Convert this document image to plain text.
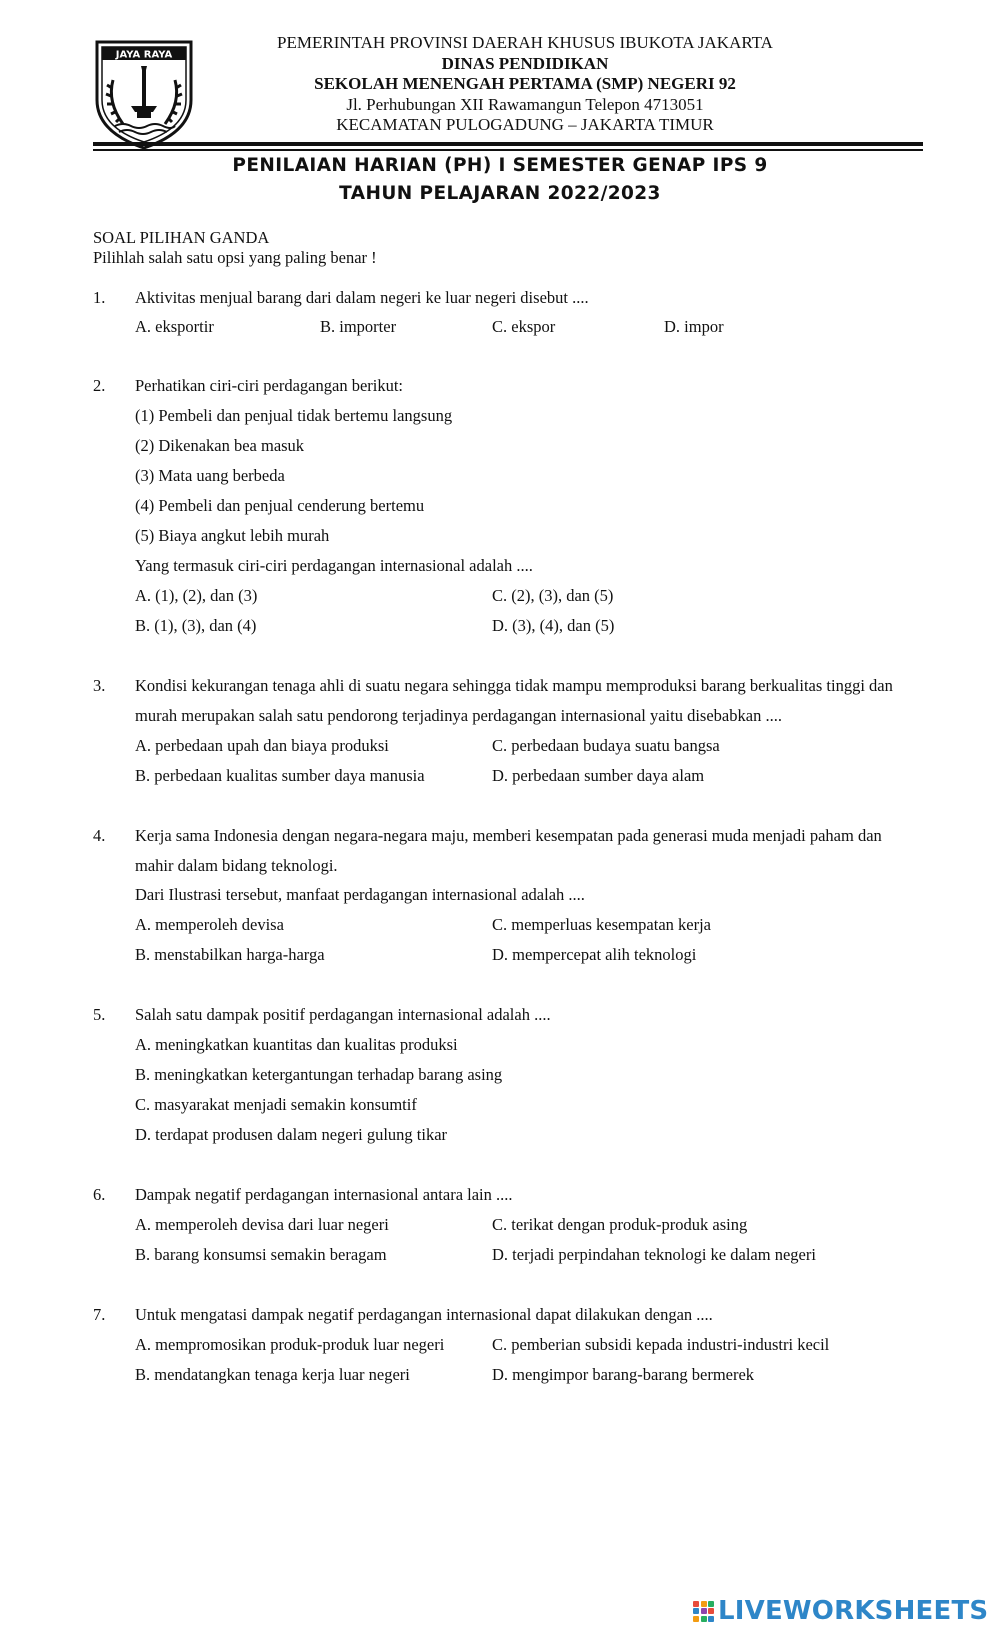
JAYA RAYA
PEMERINTAH PROVINSI DAERAH KHUSUS IBUKOTA JAKARTA
DINAS PENDIDIKAN
SEKOLAH MENENGAH PERTAMA (SMP) NEGERI 92
Jl. Perhubungan XII Rawamangun Telepon 4713051
KECAMATAN PULOGADUNG – JAKARTA TIMUR
PENILAIAN HARIAN (PH) I SEMESTER GENAP IPS 9
TAHUN PELAJARAN 2022/2023
SOAL PILIHAN GANDA
Pilihlah salah satu opsi yang paling benar !
1. Aktivitas menjual barang dari dalam negeri ke luar negeri disebut ....
A. eksportir	B. importer	C. ekspor	D. impor
2. Perhatikan ciri-ciri perdagangan berikut:
(1) Pembeli dan penjual tidak bertemu langsung
(2) Dikenakan bea masuk
(3) Mata uang berbeda
(4) Pembeli dan penjual cenderung bertemu
(5) Biaya angkut lebih murah
Yang termasuk ciri-ciri perdagangan internasional adalah ....
A. (1), (2), dan (3)	C. (2), (3), dan (5)
B. (1), (3), dan (4)	D. (3), (4), dan (5)
3. Kondisi kekurangan tenaga ahli di suatu negara sehingga tidak mampu memproduksi barang berkualitas tinggi dan
murah merupakan salah satu pendorong terjadinya perdagangan internasional yaitu disebabkan ....
A. perbedaan upah dan biaya produksi	C. perbedaan budaya suatu bangsa
B. perbedaan kualitas sumber daya manusia	D. perbedaan sumber daya alam
4. Kerja sama Indonesia dengan negara-negara maju, memberi kesempatan pada generasi muda menjadi paham dan
mahir dalam bidang teknologi.
Dari Ilustrasi tersebut, manfaat perdagangan internasional adalah ....
A. memperoleh devisa	C. memperluas kesempatan kerja
B. menstabilkan harga-harga	D. mempercepat alih teknologi
5. Salah satu dampak positif perdagangan internasional adalah ....
A. meningkatkan kuantitas dan kualitas produksi
B. meningkatkan ketergantungan terhadap barang asing
C. masyarakat menjadi semakin konsumtif
D. terdapat produsen dalam negeri gulung tikar
6. Dampak negatif perdagangan internasional antara lain ....
A. memperoleh devisa dari luar negeri	C. terikat dengan produk-produk asing
B. barang konsumsi semakin beragam	D. terjadi perpindahan teknologi ke dalam negeri
7. Untuk mengatasi dampak negatif perdagangan internasional dapat dilakukan dengan ....
A. mempromosikan produk-produk luar negeri	C. pemberian subsidi kepada industri-industri kecil
B. mendatangkan tenaga kerja luar negeri	D. mengimpor barang-barang bermerek
LIVEWORKSHEETS
